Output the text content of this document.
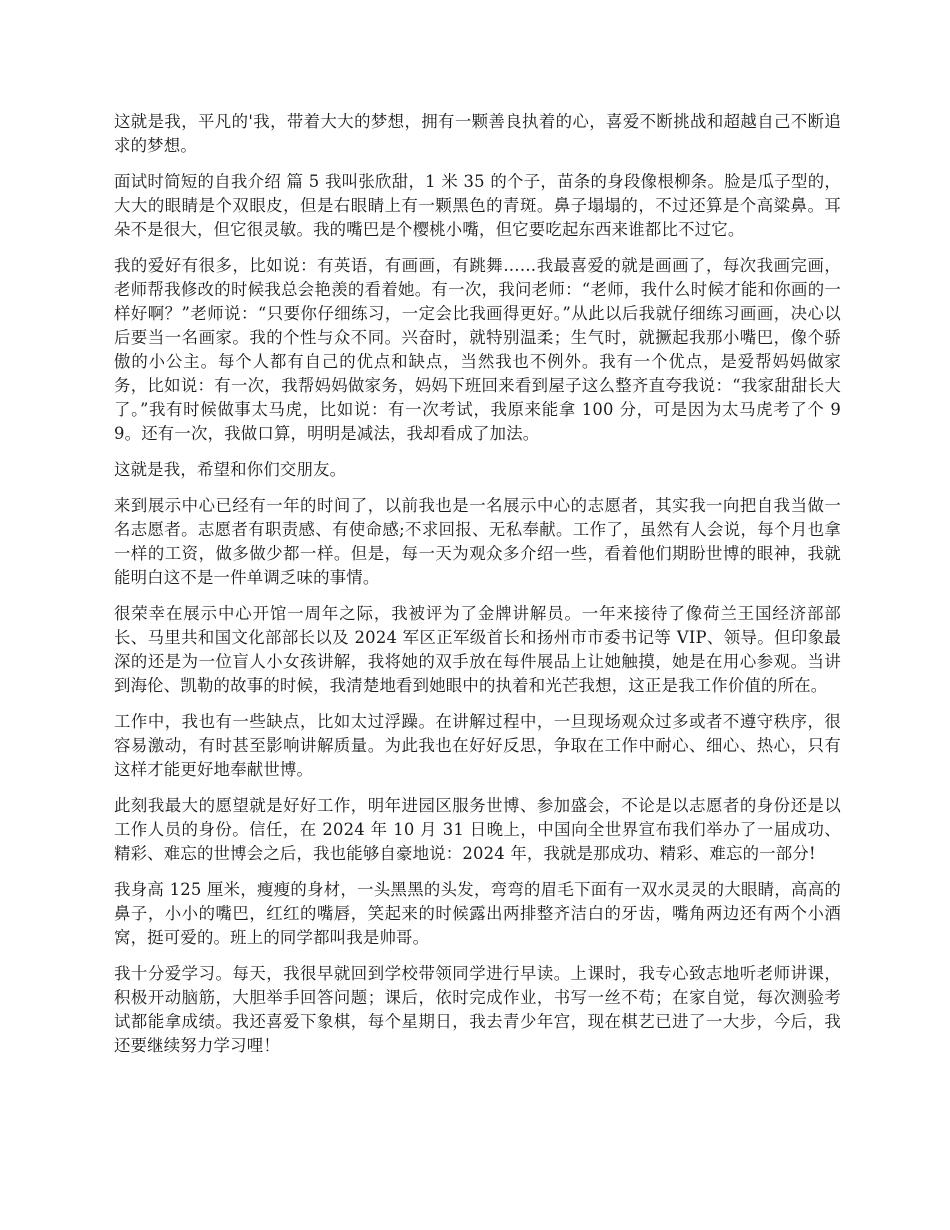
这就是我，平凡的'我，带着大大的梦想，拥有一颗善良执着的心，喜爱不断挑战和超越自己不断追求的梦想。

面试时简短的自我介绍 篇 5 我叫张欣甜，1 米 35 的个子，苗条的身段像根柳条。脸是瓜子型的，大大的眼睛是个双眼皮，但是右眼睛上有一颗黑色的青斑。鼻子塌塌的，不过还算是个高粱鼻。耳朵不是很大，但它很灵敏。我的嘴巴是个樱桃小嘴，但它要吃起东西来谁都比不过它。

我的爱好有很多，比如说：有英语，有画画，有跳舞……我最喜爱的就是画画了，每次我画完画，老师帮我修改的时候我总会艳羡的看着她。有一次，我问老师：“老师，我什么时候才能和你画的一样好啊？”老师说：“只要你仔细练习，一定会比我画得更好。”从此以后我就仔细练习画画，决心以后要当一名画家。我的个性与众不同。兴奋时，就特别温柔；生气时，就撅起我那小嘴巴，像个骄傲的小公主。每个人都有自己的优点和缺点，当然我也不例外。我有一个优点，是爱帮妈妈做家务，比如说：有一次，我帮妈妈做家务，妈妈下班回来看到屋子这么整齐直夸我说：“我家甜甜长大了。”我有时候做事太马虎，比如说：有一次考试，我原来能拿 100 分，可是因为太马虎考了个 99。还有一次，我做口算，明明是减法，我却看成了加法。

这就是我，希望和你们交朋友。

来到展示中心已经有一年的时间了，以前我也是一名展示中心的志愿者，其实我一向把自我当做一名志愿者。志愿者有职责感、有使命感;不求回报、无私奉献。工作了，虽然有人会说，每个月也拿一样的工资，做多做少都一样。但是，每一天为观众多介绍一些，看着他们期盼世博的眼神，我就能明白这不是一件单调乏味的事情。

很荣幸在展示中心开馆一周年之际，我被评为了金牌讲解员。一年来接待了像荷兰王国经济部部长、马里共和国文化部部长以及 2024 军区正军级首长和扬州市市委书记等 VIP、领导。但印象最深的还是为一位盲人小女孩讲解，我将她的双手放在每件展品上让她触摸，她是在用心参观。当讲到海伦、凯勒的故事的时候，我清楚地看到她眼中的执着和光芒我想，这正是我工作价值的所在。

工作中，我也有一些缺点，比如太过浮躁。在讲解过程中，一旦现场观众过多或者不遵守秩序，很容易激动，有时甚至影响讲解质量。为此我也在好好反思，争取在工作中耐心、细心、热心，只有这样才能更好地奉献世博。

此刻我最大的愿望就是好好工作，明年进园区服务世博、参加盛会，不论是以志愿者的身份还是以工作人员的身份。信任，在 2024 年 10 月 31 日晚上，中国向全世界宣布我们举办了一届成功、精彩、难忘的世博会之后，我也能够自豪地说：2024 年，我就是那成功、精彩、难忘的一部分!

我身高 125 厘米，瘦瘦的身材，一头黑黑的头发，弯弯的眉毛下面有一双水灵灵的大眼睛，高高的鼻子，小小的嘴巴，红红的嘴唇，笑起来的时候露出两排整齐洁白的牙齿，嘴角两边还有两个小酒窝，挺可爱的。班上的同学都叫我是帅哥。

我十分爱学习。每天，我很早就回到学校带领同学进行早读。上课时，我专心致志地听老师讲课，积极开动脑筋，大胆举手回答问题；课后，依时完成作业，书写一丝不苟；在家自觉，每次测验考试都能拿成绩。我还喜爱下象棋，每个星期日，我去青少年宫，现在棋艺已进了一大步，今后，我还要继续努力学习哩！
